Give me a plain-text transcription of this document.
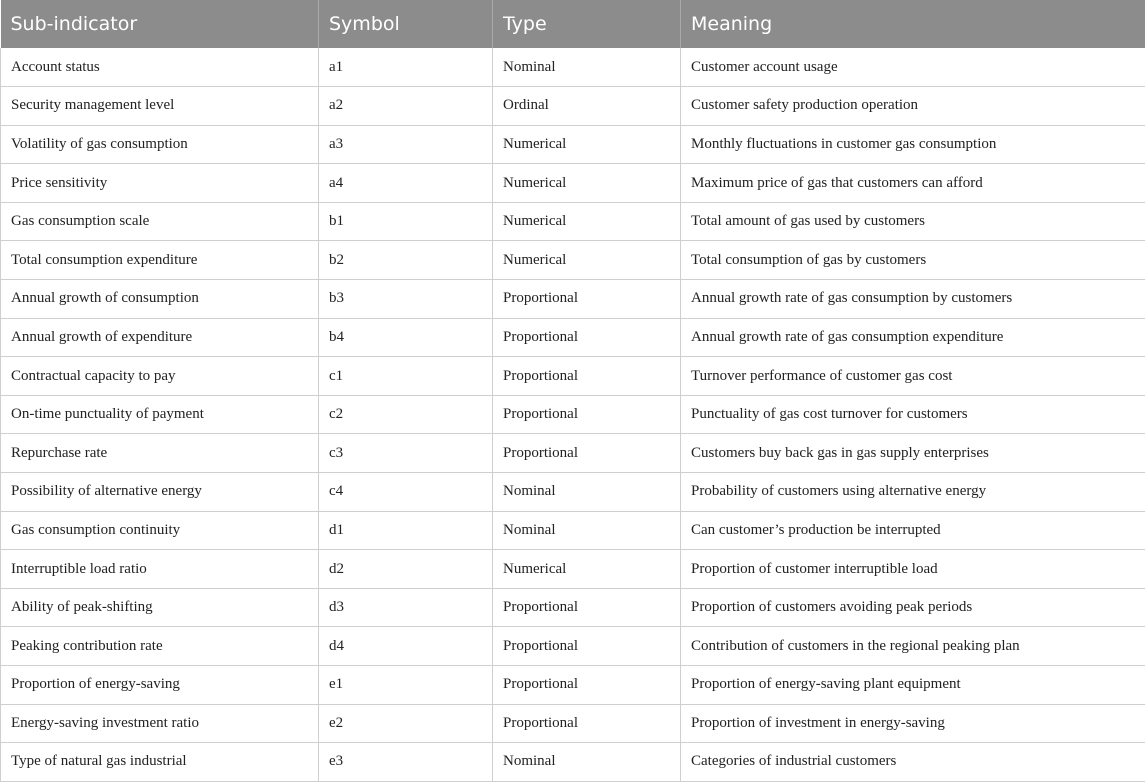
Sub-indicator	Symbol	Type	Meaning
Account status	a1	Nominal	Customer account usage
Security management level	a2	Ordinal	Customer safety production operation
Volatility of gas consumption	a3	Numerical	Monthly fluctuations in customer gas consumption
Price sensitivity	a4	Numerical	Maximum price of gas that customers can afford
Gas consumption scale	b1	Numerical	Total amount of gas used by customers
Total consumption expenditure	b2	Numerical	Total consumption of gas by customers
Annual growth of consumption	b3	Proportional	Annual growth rate of gas consumption by customers
Annual growth of expenditure	b4	Proportional	Annual growth rate of gas consumption expenditure
Contractual capacity to pay	c1	Proportional	Turnover performance of customer gas cost
On-time punctuality of payment	c2	Proportional	Punctuality of gas cost turnover for customers
Repurchase rate	c3	Proportional	Customers buy back gas in gas supply enterprises
Possibility of alternative energy	c4	Nominal	Probability of customers using alternative energy
Gas consumption continuity	d1	Nominal	Can customer’s production be interrupted
Interruptible load ratio	d2	Numerical	Proportion of customer interruptible load
Ability of peak-shifting	d3	Proportional	Proportion of customers avoiding peak periods
Peaking contribution rate	d4	Proportional	Contribution of customers in the regional peaking plan
Proportion of energy-saving	e1	Proportional	Proportion of energy-saving plant equipment
Energy-saving investment ratio	e2	Proportional	Proportion of investment in energy-saving
Type of natural gas industrial	e3	Nominal	Categories of industrial customers
